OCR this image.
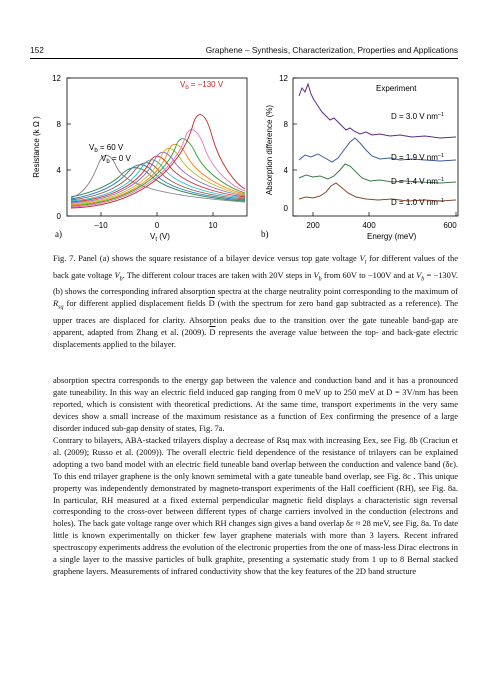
152	Graphene – Synthesis, Characterization, Properties and Applications
12
8
4
0
–10	0	10
$V_t$ (V)
Resistance (k Ω )
a)
$V_b = -130$ V
$V_b = 60$ V
$V_b = 0$ V
12
8
4
0
200	400	600
Energy (meV)
Absorption difference (%)
b)
Experiment
D = 3.0 V $nm^{-1}$
D = 1.9 V $nm^{-1}$
D = 1.4 V $nm^{-1}$
D = 1.0 V $nm^{-1}$
Fig. 7. Panel (a) shows the square resistance of a bilayer device versus top gate voltage $V_t$ for different values of the back gate voltage $V_b$. The different colour traces are taken with 20V steps in $V_b$ from 60V to −100V and at $V_b = -130V$. (b) shows the corresponding infrared absorption spectra at the charge neutrality point corresponding to the maximum of $R_{sq}$ for different applied displacement fields $\overline{D}$ (with the spectrum for zero band gap subtracted as a reference). The upper traces are displaced for clarity. Absorption peaks due to the transition over the gate tuneable band-gap are apparent, adapted from Zhang et al. (2009). $\overline{D}$ represents the average value between the top- and back-gate electric displacements applied to the bilayer.

absorption spectra corresponds to the energy gap between the valence and conduction band and it has a pronounced gate tuneability. In this way an electric field induced gap ranging from 0 meV up to 250 meV at D = 3V/nm has been reported, which is consistent with theoretical predictions. At the same time, transport experiments in the very same devices show a small increase of the maximum resistance as a function of Eex confirming the presence of a large disorder induced sub-gap density of states, Fig. 7a.

Contrary to bilayers, ABA-stacked trilayers display a decrease of Rsq max with increasing Eex, see Fig. 8b (Craciun et al. (2009); Russo et al. (2009)). The overall electric field dependence of the resistance of trilayers can be explained adopting a two band model with an electric field tuneable band overlap between the conduction and valence band (δε). To this end trilayer graphene is the only known semimetal with a gate tuneable band overlap, see Fig. 8c . This unique property was independently demonstrated by magneto-transport experiments of the Hall coefficient (RH), see Fig. 8a. In particular, RH measured at a fixed external perpendicular magnetic field displays a characteristic sign reversal corresponding to the cross-over between different types of charge carriers involved in the conduction (electrons and holes). The back gate voltage range over which RH changes sign gives a band overlap δε ≈ 28 meV, see Fig. 8a. To date little is known experimentally on thicker few layer graphene materials with more than 3 layers. Recent infrared spectroscopy experiments address the evolution of the electronic properties from the one of mass-less Dirac electrons in a single layer to the massive particles of bulk graphite, presenting a systematic study from 1 up to 8 Bernal stacked graphene layers. Measurements of infrared conductivity show that the key features of the 2D band structure
